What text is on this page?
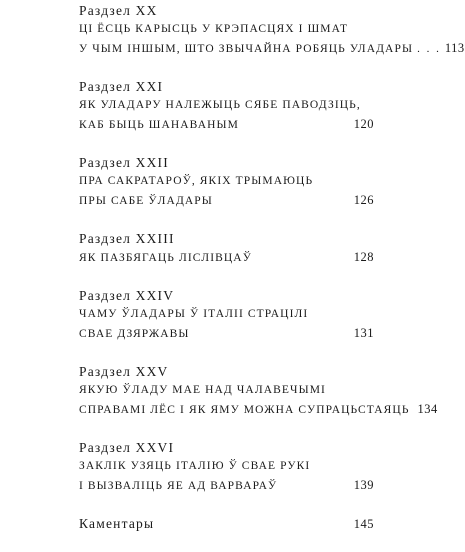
Раздзел XX
ЦІ ЁСЦЬ КАРЫСЦЬ У КРЭПАСЦЯХ І ШМАТ
У ЧЫМ ІНШЫМ, ШТО ЗВЫЧАЙНА РОБЯЦЬ УЛАДАРЫ . . . 113
Раздзел XXI
ЯК УЛАДАРУ НАЛЕЖЫЦЬ СЯБЕ ПАВОДЗІЦЬ,
КАБ БЫЦЬ ШАНАВАНЫМ	120
Раздзел XXII
ПРА САКРАТАРОЎ, ЯКІХ ТРЫМАЮЦЬ
ПРЫ САБЕ ЎЛАДАРЫ	126
Раздзел XXIII
ЯК ПАЗБЯГАЦЬ ЛІСЛІВЦАЎ	128
Раздзел XXIV
ЧАМУ ЎЛАДАРЫ Ў ІТАЛІІ СТРАЦІЛІ
СВАЕ ДЗЯРЖАВЫ	131
Раздзел XXV
ЯКУЮ ЎЛАДУ МАЕ НАД ЧАЛАВЕЧЫМІ
СПРАВАМІ ЛЁС І ЯК ЯМУ МОЖНА СУПРАЦЬСТАЯЦЬ 134
Раздзел XXVI
ЗАКЛІК УЗЯЦЬ ІТАЛІЮ Ў СВАЕ РУКІ
І ВЫЗВАЛІЦЬ ЯЕ АД ВАРВАРАЎ	139
Каментары	145
